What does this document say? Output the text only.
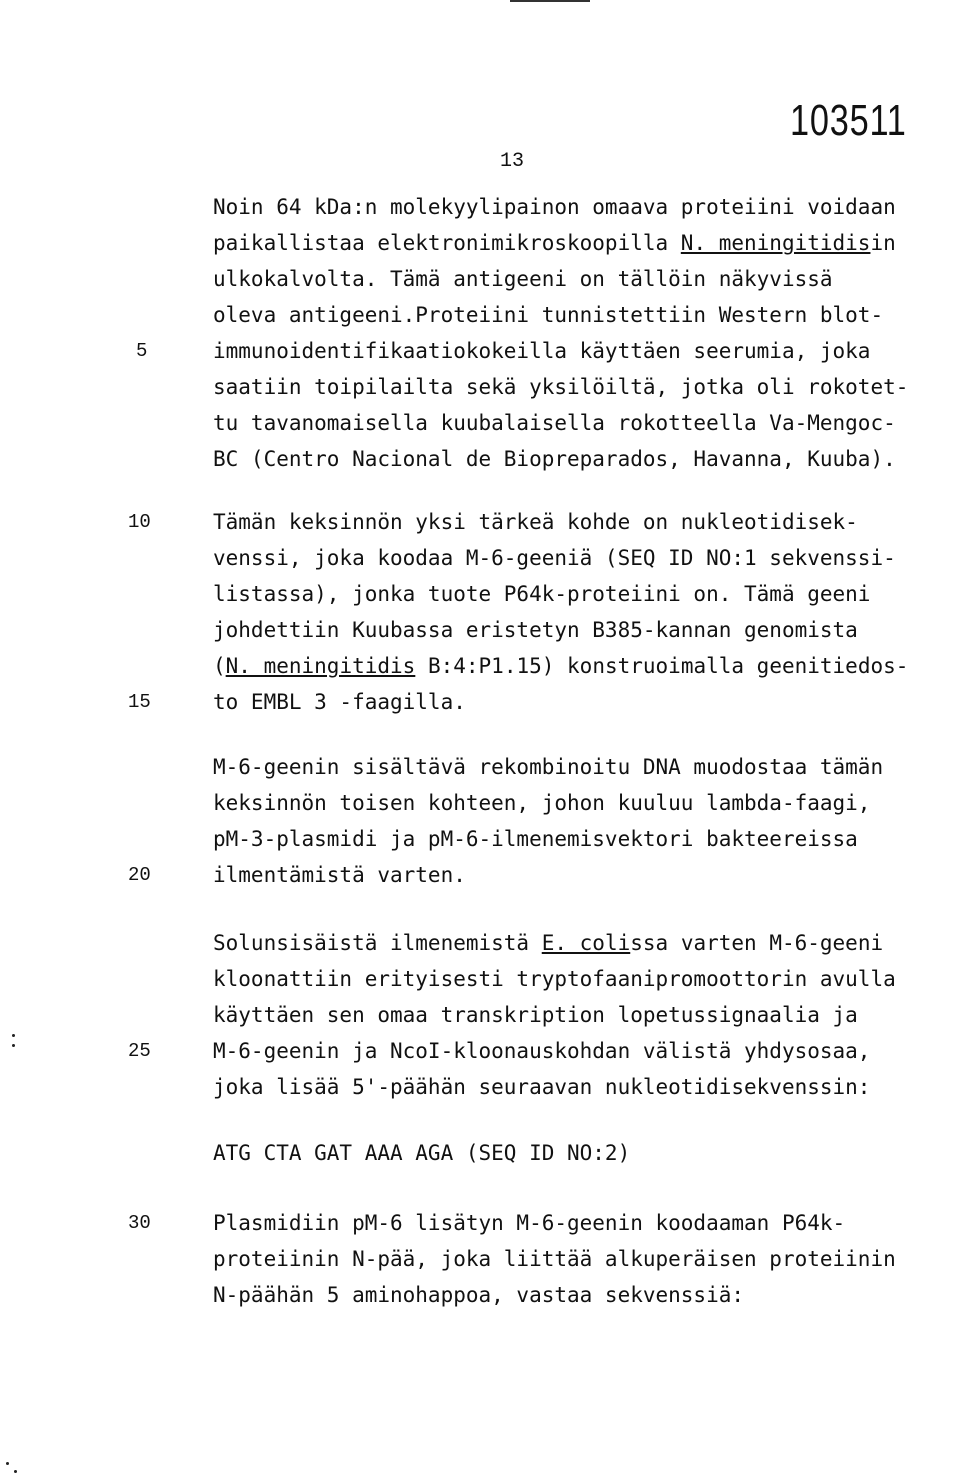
103511
13
Noin 64 kDa:n molekyylipainon omaava proteiini voidaan
paikallistaa elektronimikroskoopilla N. meningitidisin
ulkokalvolta. Tämä antigeeni on tällöin näkyvissä
oleva antigeeni.Proteiini tunnistettiin Western blot-
immunoidentifikaatiokokeilla käyttäen seerumia, joka
5
saatiin toipilailta sekä yksilöiltä, jotka oli rokotet-
tu tavanomaisella kuubalaisella rokotteella Va-Mengoc-
BC (Centro Nacional de Biopreparados, Havanna, Kuuba).
Tämän keksinnön yksi tärkeä kohde on nukleotidisek-
10
venssi, joka koodaa M-6-geeniä (SEQ ID NO:1 sekvenssi-
listassa), jonka tuote P64k-proteiini on. Tämä geeni
johdettiin Kuubassa eristetyn B385-kannan genomista
(N. meningitidis B:4:P1.15) konstruoimalla geenitiedos-
to EMBL 3 -faagilla.
15
M-6-geenin sisältävä rekombinoitu DNA muodostaa tämän
keksinnön toisen kohteen, johon kuuluu lambda-faagi,
pM-3-plasmidi ja pM-6-ilmenemisvektori bakteereissa
ilmentämistä varten.
20
Solunsisäistä ilmenemistä E. colissa varten M-6-geeni
kloonattiin erityisesti tryptofaanipromoottorin avulla
käyttäen sen omaa transkription lopetussignaalia ja
M-6-geenin ja NcoI-kloonauskohdan välistä yhdysosaa,
25
joka lisää 5'-päähän seuraavan nukleotidisekvenssin:
ATG CTA GAT AAA AGA (SEQ ID NO:2)
Plasmidiin pM-6 lisätyn M-6-geenin koodaaman P64k-
30
proteiinin N-pää, joka liittää alkuperäisen proteiinin
N-päähän 5 aminohappoa, vastaa sekvenssiä:
